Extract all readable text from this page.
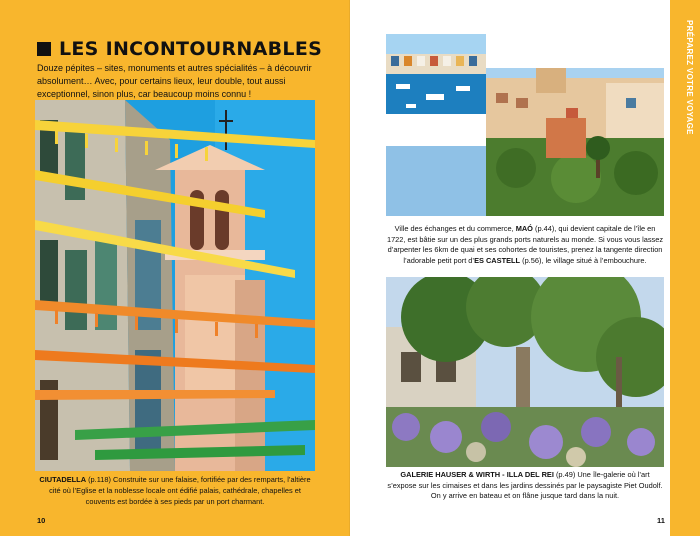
LES INCONTOURNABLES
Douze pépites – sites, monuments et autres spécialités – à découvrir absolument… Avec, pour certains lieux, leur double, tout aussi exceptionnel, sinon plus, car beaucoup moins connu !
CIUTADELLA (p.118) Construite sur une falaise, fortifiée par des remparts, l’altière cité où l’Eglise et la noblesse locale ont édifié palais, cathédrale, chapelles et couvents est bordée à ses pieds par un port charmant.
10
PRÉPAREZ VOTRE VOYAGE
Ville des échanges et du commerce, MAÓ (p.44), qui devient capitale de l’île en 1722, est bâtie sur un des plus grands ports naturels au monde. Si vous vous lassez d’arpenter les 6km de quai et ses cohortes de touristes, prenez la tangente direction l’adorable petit port d’ES CASTELL (p.56), le village situé à l’embouchure.
GALERIE HAUSER & WIRTH - ILLA DEL REI (p.49) Une île-galerie où l’art s’expose sur les cimaises et dans les jardins dessinés par le paysagiste Piet Oudolf. On y arrive en bateau et on flâne jusque tard dans la nuit.
11
